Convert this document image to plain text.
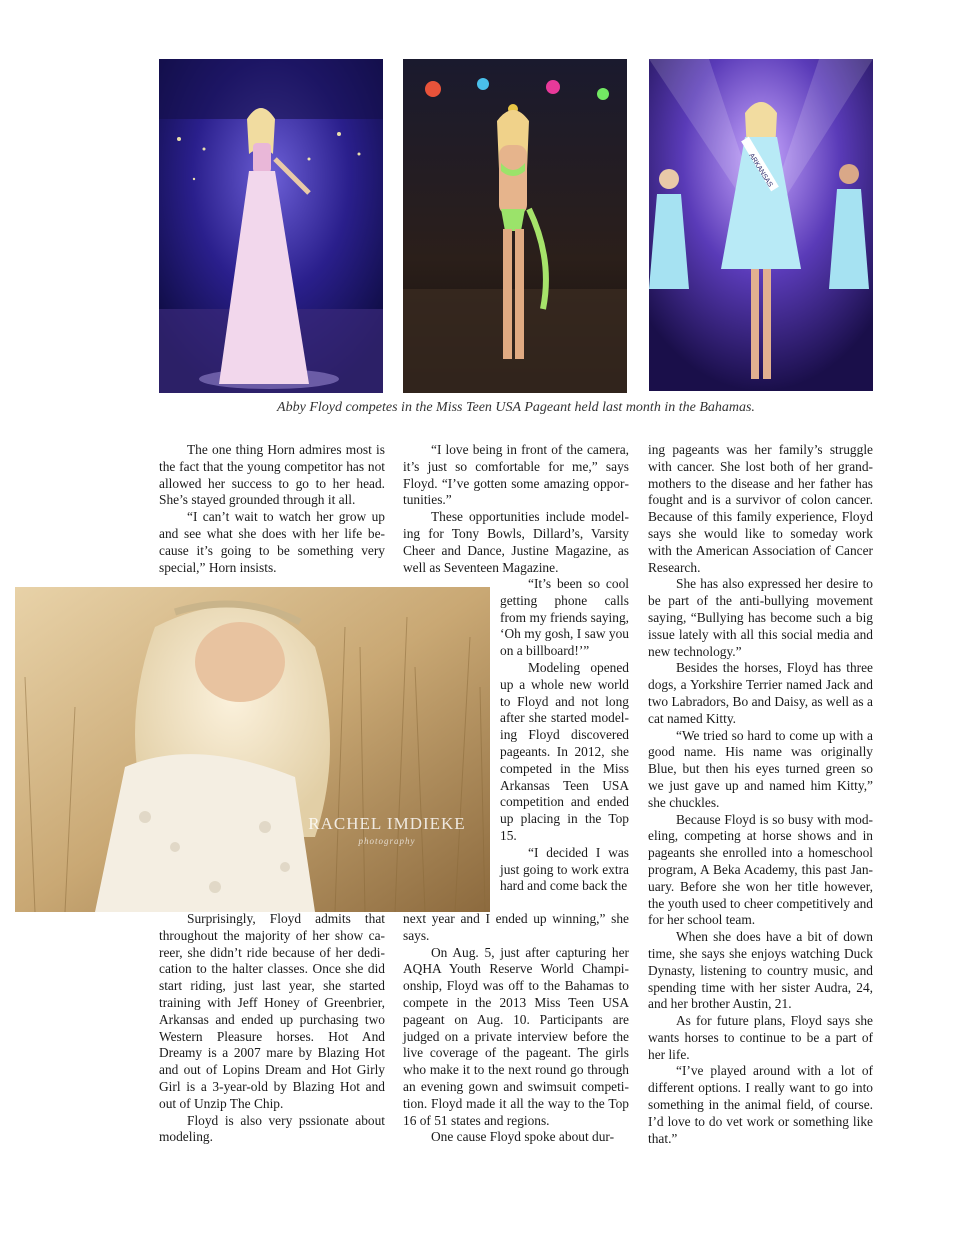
ARKANSAS
Abby Floyd competes in the Miss Teen USA Pageant held last month in the Bahamas.
RACHEL IMDIEKE
photography

The one thing Horn admires most is the fact that the young competitor has not allowed her success to go to her head. She’s stayed grounded through it all.

“I can’t wait to watch her grow up and see what she does with her life because it’s going to be something very special,” Horn insists.

Surprisingly, Floyd admits that throughout the majority of her show career, she didn’t ride because of her dedication to the halter classes. Once she did start riding, just last year, she started training with Jeff Honey of Greenbrier, Arkansas and ended up purchasing two Western Pleasure horses. Hot And Dreamy is a 2007 mare by Blazing Hot and out of Lopins Dream and Hot Girly Girl is a 3-year-old by Blazing Hot and out of Unzip The Chip.

Floyd is also very pssionate about modeling.

“I love being in front of the camera, it’s just so comfortable for me,” says Floyd. “I’ve gotten some amazing opportunities.”

These opportunities include modeling for Tony Bowls, Dillard’s, Varsity Cheer and Dance, Justine Magazine, as well as Seventeen Magazine.

“It’s been so cool getting phone calls from my friends saying, ‘Oh my gosh, I saw you on a billboard!’”

Modeling opened up a whole new world to Floyd and not long after she started modeling Floyd discovered pageants. In 2012, she competed in the Miss Arkansas Teen USA competition and ended up placing in the Top 15.

“I decided I was just going to work extra hard and come back the

next year and I ended up winning,” she says.

On Aug. 5, just after capturing her AQHA Youth Reserve World Championship, Floyd was off to the Bahamas to compete in the 2013 Miss Teen USA pageant on Aug. 10. Participants are judged on a private interview before the live coverage of the pageant. The girls who make it to the next round go through an evening gown and swimsuit competition. Floyd made it all the way to the Top 16 of 51 states and regions.

One cause Floyd spoke about dur-

ing pageants was her family’s struggle with cancer. She lost both of her grandmothers to the disease and her father has fought and is a survivor of colon cancer. Because of this family experience, Floyd says she would like to someday work with the American Association of Cancer Research.

She has also expressed her desire to be part of the anti-bullying movement saying, “Bullying has become such a big issue lately with all this social media and new technology.”

Besides the horses, Floyd has three dogs, a Yorkshire Terrier named Jack and two Labradors, Bo and Daisy, as well as a cat named Kitty.

“We tried so hard to come up with a good name. His name was originally Blue, but then his eyes turned green so we just gave up and named him Kitty,” she chuckles.

Because Floyd is so busy with modeling, competing at horse shows and in pageants she enrolled into a homeschool program, A Beka Academy, this past January. Before she won her title however, the youth used to cheer competitively and for her school team.

When she does have a bit of down time, she says she enjoys watching Duck Dynasty, listening to country music, and spending time with her sister Audra, 24, and her brother Austin, 21.

As for future plans, Floyd says she wants horses to continue to be a part of her life.

“I’ve played around with a lot of different options. I really want to go into something in the animal field, of course. I’d love to do vet work or something like that.”
